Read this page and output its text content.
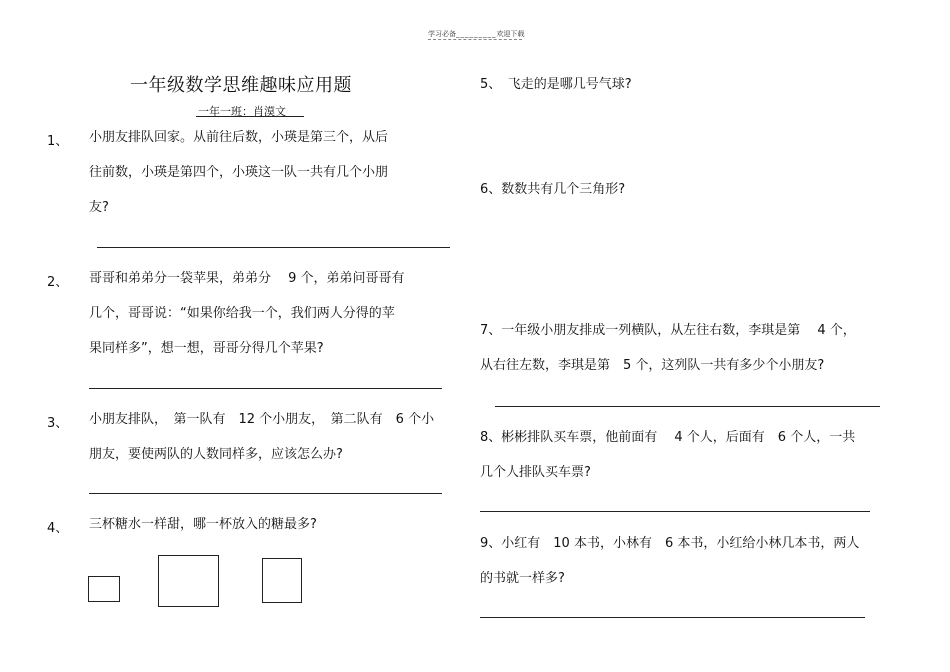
学习必备_________欢迎下载
一年级数学思维趣味应用题
一年一班：肖漠文
1、 小朋友排队回家。从前往后数，小瑛是第三个，从后
往前数，小瑛是第四个，小瑛这一队一共有几个小朋
友?
2、 哥哥和弟弟分一袋苹果，弟弟分　 9 个，弟弟问哥哥有
几个，哥哥说：“如果你给我一个，我们两人分得的苹
果同样多”，想一想，哥哥分得几个苹果?
3、 小朋友排队，　第一队有　12 个小朋友，　第二队有　6 个小
朋友，要使两队的人数同样多，应该怎么办?
4、 三杯糖水一样甜，哪一杯放入的糖最多?
5、　飞走的是哪几号气球?
6、数数共有几个三角形?
7、一年级小朋友排成一列横队，从左往右数，李琪是第　 4 个，
从右往左数，李琪是第　5 个，这列队一共有多少个小朋友?
8、彬彬排队买车票，他前面有　 4 个人，后面有　6 个人，一共
几个人排队买车票?
9、小红有　10 本书，小林有　6 本书，小红给小林几本书，两人
的书就一样多?
